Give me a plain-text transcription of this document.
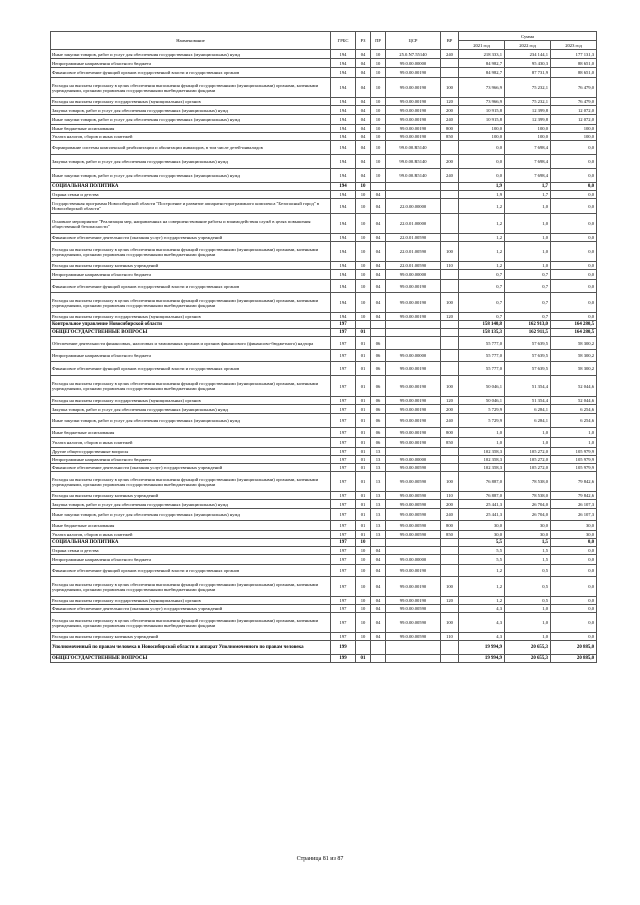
Наименование	ГРБС	РЗ	ПР	ЦСР	ВР	Сумма		
						2021 год	2022 год	2023 год
Иные закупки товаров, работ и услуг для обеспечения государственных (муниципальных) нужд	194	04	10	25.0.N7.55140	240	218 333,1	234 144,1	177 131,3
Непрограммные направления областного бюджета	194	04	10	99.0.00.00000		84 982,7	95 430,3	88 651,0
Финансовое обеспечение функций органов государственной власти и государственных органов	194	04	10	99.0.00.00190		84 982,7	87 731,9	88 651,0
Расходы на выплаты персоналу в целях обеспечения выполнения функций государственными (муниципальными) органами, казенными учреждениями, органами управления государственными внебюджетными фондами	194	04	10	99.0.00.00190	100	73 966,9	75 232,1	76 479,0
Расходы на выплаты персоналу государственных (муниципальных) органов	194	04	10	99.0.00.00190	120	73 966,9	75 232,1	76 479,0
Закупка товаров, работ и услуг для обеспечения государственных (муниципальных) нужд	194	04	10	99.0.00.00190	200	10 915,8	12 399,8	12 072,0
Иные закупки товаров, работ и услуг для обеспечения государственных (муниципальных) нужд	194	04	10	99.0.00.00190	240	10 915,8	12 399,8	12 072,0
Иные бюджетные ассигнования	194	04	10	99.0.00.00190	800	100,0	100,0	100,0
Уплата налогов, сборов и иных платежей	194	04	10	99.0.00.00190	850	100,0	100,0	100,0
Формирование системы комплексной реабилитации и абилитации инвалидов, в том числе детей-инвалидов	194	04	10	99.0.00.R5140		0,0	7 698,4	0,0
Закупка товаров, работ и услуг для обеспечения государственных (муниципальных) нужд	194	04	10	99.0.00.R5140	200	0,0	7 698,4	0,0
Иные закупки товаров, работ и услуг для обеспечения государственных (муниципальных) нужд	194	04	10	99.0.00.R5140	240	0,0	7 698,4	0,0
СОЦИАЛЬНАЯ ПОЛИТИКА	194	10				1,9	1,7	0,0
Охрана семьи и детства	194	10	04			1,9	1,7	0,0
Государственная программа Новосибирской области "Построение и развитие аппаратно-программного комплекса "Безопасный город" в Новосибирской области"	194	10	04	22.0.00.00000		1,2	1,0	0,0
Основное мероприятие "Реализация мер, направленных на совершенствование работы и взаимодействия служб в целях повышения общественной безопасности"	194	10	04	22.0.01.00000		1,2	1,0	0,0
Финансовое обеспечение деятельности (оказания услуг) государственных учреждений	194	10	04	22.0.01.00590		1,2	1,0	0,0
Расходы на выплаты персоналу в целях обеспечения выполнения функций государственными (муниципальными) органами, казенными учреждениями, органами управления государственными внебюджетными фондами	194	10	04	22.0.01.00590	100	1,2	1,0	0,0
Расходы на выплаты персоналу казенных учреждений	194	10	04	22.0.01.00590	110	1,2	1,0	0,0
Непрограммные направления областного бюджета	194	10	04	99.0.00.00000		0,7	0,7	0,0
Финансовое обеспечение функций органов государственной власти и государственных органов	194	10	04	99.0.00.00190		0,7	0,7	0,0
Расходы на выплаты персоналу в целях обеспечения выполнения функций государственными (муниципальными) органами, казенными учреждениями, органами управления государственными внебюджетными фондами	194	10	04	99.0.00.00190	100	0,7	0,7	0,0
Расходы на выплаты персоналу государственных (муниципальных) органов	194	10	04	99.0.00.00190	120	0,7	0,7	0,0
Контрольное управление Новосибирской области	197					158 140,8	162 913,0	164 280,5
ОБЩЕГОСУДАРСТВЕННЫЕ ВОПРОСЫ	197	01				158 135,3	162 911,5	164 280,5
Обеспечение деятельности финансовых, налоговых и таможенных органов и органов финансового (финансово-бюджетного) надзора	197	01	06			55 777,0	57 639,5	58 300,2
Непрограммные направления областного бюджета	197	01	06	99.0.00.00000		55 777,0	57 639,5	58 300,2
Финансовое обеспечение функций органов государственной власти и государственных органов	197	01	06	99.0.00.00190		55 777,0	57 639,5	58 300,2
Расходы на выплаты персоналу в целях обеспечения выполнения функций государственными (муниципальными) органами, казенными учреждениями, органами управления государственными внебюджетными фондами	197	01	06	99.0.00.00190	100	50 046,1	51 354,4	52 044,6
Расходы на выплаты персоналу государственных (муниципальных) органов	197	01	06	99.0.00.00190	120	50 046,1	51 354,4	52 044,6
Закупка товаров, работ и услуг для обеспечения государственных (муниципальных) нужд	197	01	06	99.0.00.00190	200	5 729,9	6 284,1	6 254,6
Иные закупки товаров, работ и услуг для обеспечения государственных (муниципальных) нужд	197	01	06	99.0.00.00190	240	5 729,9	6 284,1	6 254,6
Иные бюджетные ассигнования	197	01	06	99.0.00.00190	800	1,0	1,0	1,0
Уплата налогов, сборов и иных платежей	197	01	06	99.0.00.00190	850	1,0	1,0	1,0
Другие общегосударственные вопросы	197	01	13			102 358,3	105 272,0	105 979,9
Непрограммные направления областного бюджета	197	01	13	99.0.00.00000		102 358,3	105 272,0	105 979,9
Финансовое обеспечение деятельности (оказания услуг) государственных учреждений	197	01	13	99.0.00.00590		102 358,3	105 272,0	105 979,9
Расходы на выплаты персоналу в целях обеспечения выполнения функций государственными (муниципальными) органами, казенными учреждениями, органами управления государственными внебюджетными фондами	197	01	13	99.0.00.00590	100	76 887,0	78 538,0	79 842,6
Расходы на выплаты персоналу казенных учреждений	197	01	13	99.0.00.00590	110	76 887,0	78 538,0	79 842,6
Закупка товаров, работ и услуг для обеспечения государственных (муниципальных) нужд	197	01	13	99.0.00.00590	200	25 441,3	26 704,0	26 107,3
Иные закупки товаров, работ и услуг для обеспечения государственных (муниципальных) нужд	197	01	13	99.0.00.00590	240	25 441,3	26 704,0	26 107,3
Иные бюджетные ассигнования	197	01	13	99.0.00.00590	800	30,0	30,0	30,0
Уплата налогов, сборов и иных платежей	197	01	13	99.0.00.00590	850	30,0	30,0	30,0
СОЦИАЛЬНАЯ ПОЛИТИКА	197	10				5,5	1,5	0,0
Охрана семьи и детства	197	10	04			5,5	1,5	0,0
Непрограммные направления областного бюджета	197	10	04	99.0.00.00000		5,5	1,5	0,0
Финансовое обеспечение функций органов государственной власти и государственных органов	197	10	04	99.0.00.00190		1,2	0,5	0,0
Расходы на выплаты персоналу в целях обеспечения выполнения функций государственными (муниципальными) органами, казенными учреждениями, органами управления государственными внебюджетными фондами	197	10	04	99.0.00.00190	100	1,2	0,5	0,0
Расходы на выплаты персоналу государственных (муниципальных) органов	197	10	04	99.0.00.00190	120	1,2	0,5	0,0
Финансовое обеспечение деятельности (оказания услуг) государственных учреждений	197	10	04	99.0.00.00590		4,3	1,0	0,0
Расходы на выплаты персоналу в целях обеспечения выполнения функций государственными (муниципальными) органами, казенными учреждениями, органами управления государственными внебюджетными фондами	197	10	04	99.0.00.00590	100	4,3	1,0	0,0
Расходы на выплаты персоналу казенных учреждений	197	10	04	99.0.00.00590	110	4,3	1,0	0,0
Уполномоченный по правам человека в Новосибирской области и аппарат Уполномоченного по правам человека	199					19 994,9	20 655,3	20 885,0
ОБЩЕГОСУДАРСТВЕННЫЕ ВОПРОСЫ	199	01				19 994,9	20 655,3	20 885,0
Страница 81 из 87
